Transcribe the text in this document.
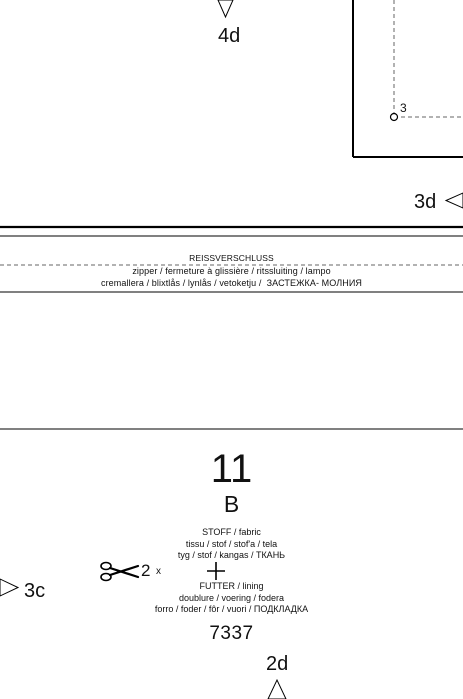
4d
3
3d
3c
2d
REISSVERSCHLUSS
zipper / fermeture à glissière / ritssluiting / lampo
cremallera / blixtlås / lynlås / vetoketju /  ЗАСТЕЖКА- МОЛНИЯ
11
B
STOFF / fabric
tissu / stof / stof'a / tela
tyg / stof / kangas / ТКАНЬ
2 x
FUTTER / lining
doublure / voering / fodera
forro / foder / fôr / vuori / ПОДКЛАДКА
7337
